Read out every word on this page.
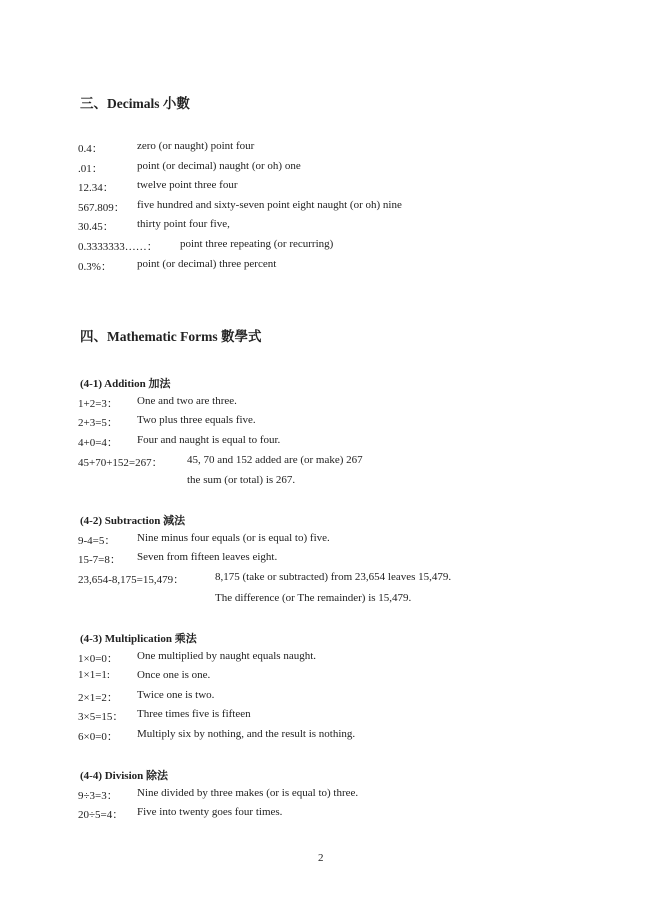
三、Decimals 小數
0.4：	zero (or naught) point four
.01：	point (or decimal) naught (or oh) one
12.34： twelve point three four
567.809： five hundred and sixty-seven point eight naught (or oh) nine
30.45： thirty point four five,
0.3333333……： point three repeating (or recurring)
0.3%： point (or decimal) three percent
四、Mathematic Forms 數學式
(4-1) Addition 加法
1+2=3： One and two are three.
2+3=5： Two plus three equals five.
4+0=4： Four and naught is equal to four.
45+70+152=267： 45, 70 and 152 added are (or make) 267
the sum (or total) is 267.
(4-2) Subtraction 減法
9-4=5： Nine minus four equals (or is equal to) five.
15-7=8： Seven from fifteen leaves eight.
23,654-8,175=15,479：	8,175 (take or subtracted) from 23,654 leaves 15,479.
The difference (or The remainder) is 15,479.
(4-3) Multiplication 乘法
1×0=0： One multiplied by naught equals naught.
1×1=1: Once one is one.
2×1=2： Twice one is two.
3×5=15： Three times five is fifteen
6×0=0： Multiply six by nothing, and the result is nothing.
(4-4) Division 除法
9÷3=3： Nine divided by three makes (or is equal to) three.
20÷5=4： Five into twenty goes four times.
2
